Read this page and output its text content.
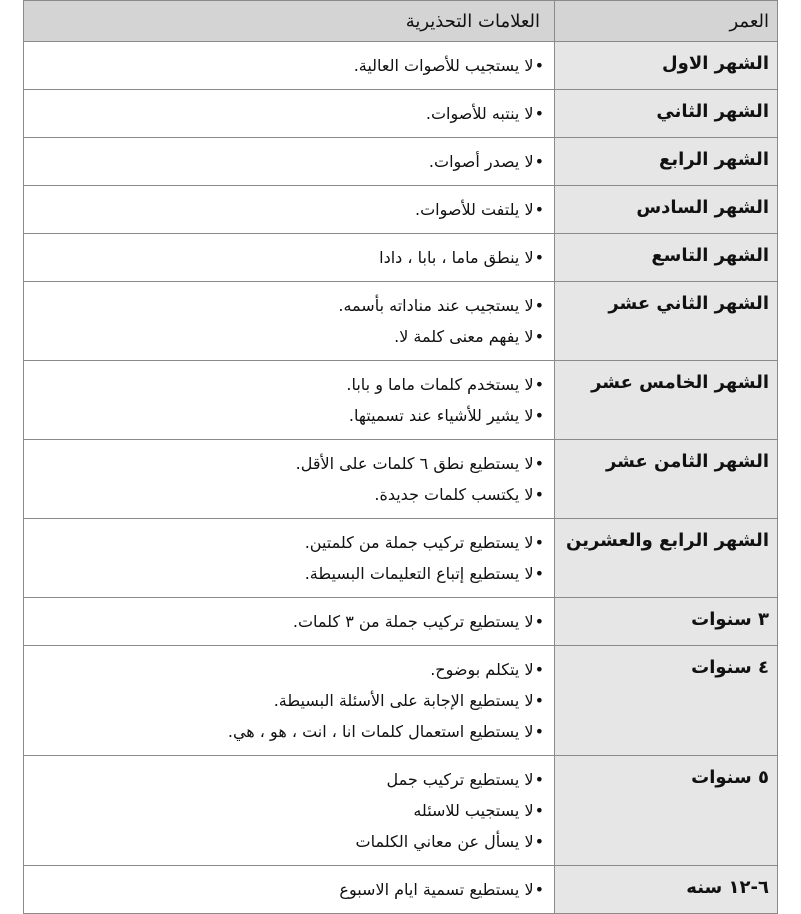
العمر	العلامات التحذيرية
الشهر الاول	•لا يستجيب للأصوات العالية.

الشهر الثاني	•لا ينتبه للأصوات.

الشهر الرابع	•لا يصدر أصوات.

الشهر السادس	•لا يلتفت للأصوات.

الشهر التاسع	•لا ينطق ماما ، بابا ، دادا

الشهر الثاني عشر	•لا يستجيب عند مناداته بأسمه.
•لا يفهم معنى كلمة لا.

الشهر الخامس عشر	•لا يستخدم كلمات ماما و بابا.
•لا يشير للأشياء عند تسميتها.

الشهر الثامن عشر	•لا يستطيع نطق ٦ كلمات على الأقل.
•لا يكتسب كلمات جديدة.

الشهر الرابع والعشرين	•لا يستطيع تركيب جملة من كلمتين.
•لا يستطيع إتباع التعليمات البسيطة.

٣ سنوات	•لا يستطيع تركيب جملة من ٣ كلمات.

٤ سنوات	•لا يتكلم بوضوح.
•لا يستطيع الإجابة على الأسئلة البسيطة.
•لا يستطيع استعمال كلمات انا ، انت ، هو ، هي.

٥ سنوات	•لا يستطيع تركيب جمل
•لا يستجيب للاسئله
•لا يسأل عن معاني الكلمات

٦-١٢ سنه	•لا يستطيع تسمية ايام الاسبوع
